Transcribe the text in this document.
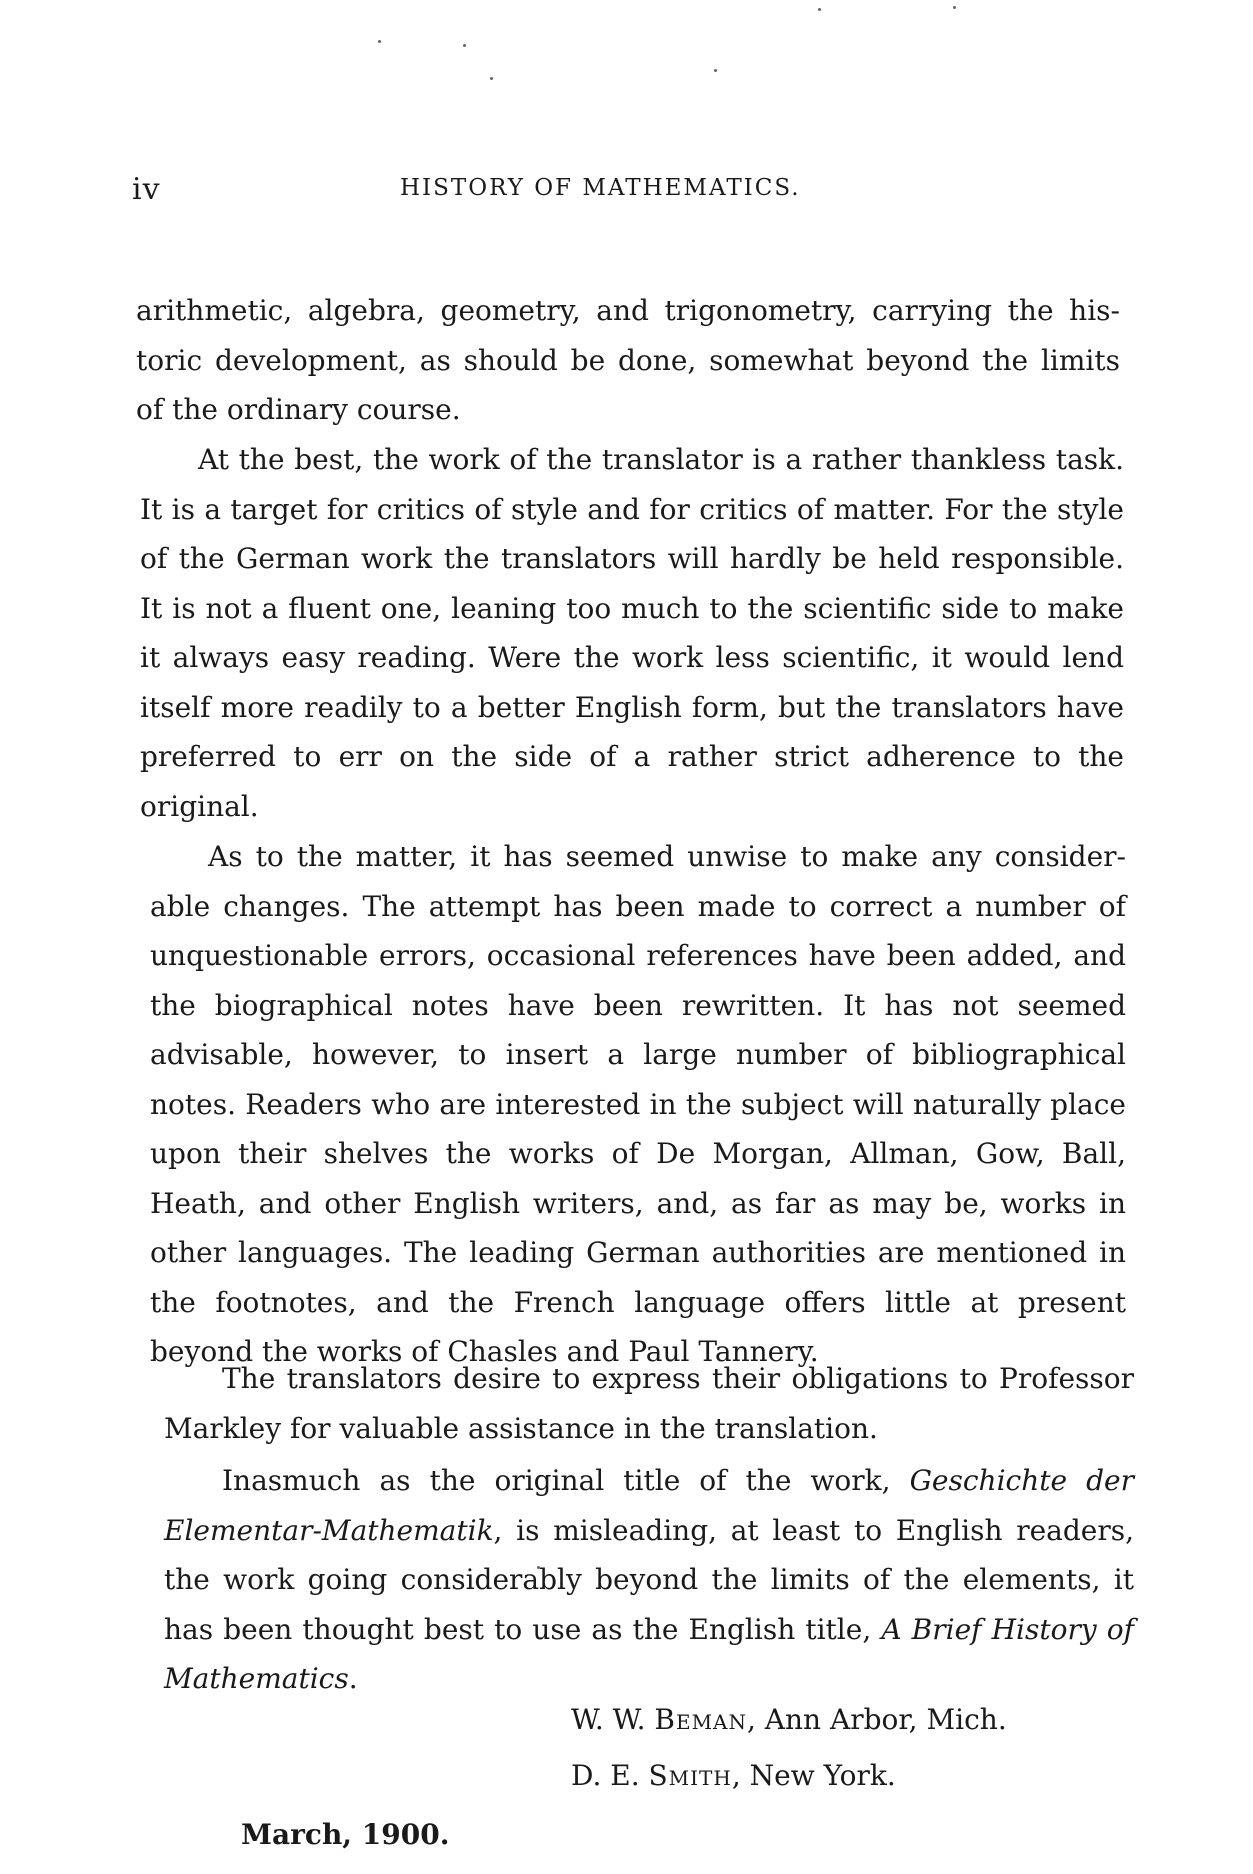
iv	HISTORY OF MATHEMATICS.

arithmetic, algebra, geometry, and trigonometry, carrying the historic development, as should be done, somewhat beyond the limits of the ordinary course.

At the best, the work of the translator is a rather thankless task. It is a target for critics of style and for critics of matter. For the style of the German work the translators will hardly be held responsible. It is not a fluent one, leaning too much to the scientific side to make it always easy reading. Were the work less scientific, it would lend itself more readily to a better English form, but the translators have preferred to err on the side of a rather strict adherence to the original.

As to the matter, it has seemed unwise to make any considerable changes. The attempt has been made to correct a number of unquestionable errors, occasional references have been added, and the biographical notes have been rewritten. It has not seemed advisable, however, to insert a large number of bibliographical notes. Readers who are interested in the subject will naturally place upon their shelves the works of De Morgan, Allman, Gow, Ball, Heath, and other English writers, and, as far as may be, works in other languages. The leading German authorities are mentioned in the footnotes, and the French language offers little at present beyond the works of Chasles and Paul Tannery.

The translators desire to express their obligations to Professor Markley for valuable assistance in the translation.

Inasmuch as the original title of the work, Geschichte der Elementar-Mathematik, is misleading, at least to English readers, the work going considerably beyond the limits of the elements, it has been thought best to use as the English title, A Brief History of Mathematics.

W. W. Beman, Ann Arbor, Mich.
D. E. Smith, New York.
March, 1900.
